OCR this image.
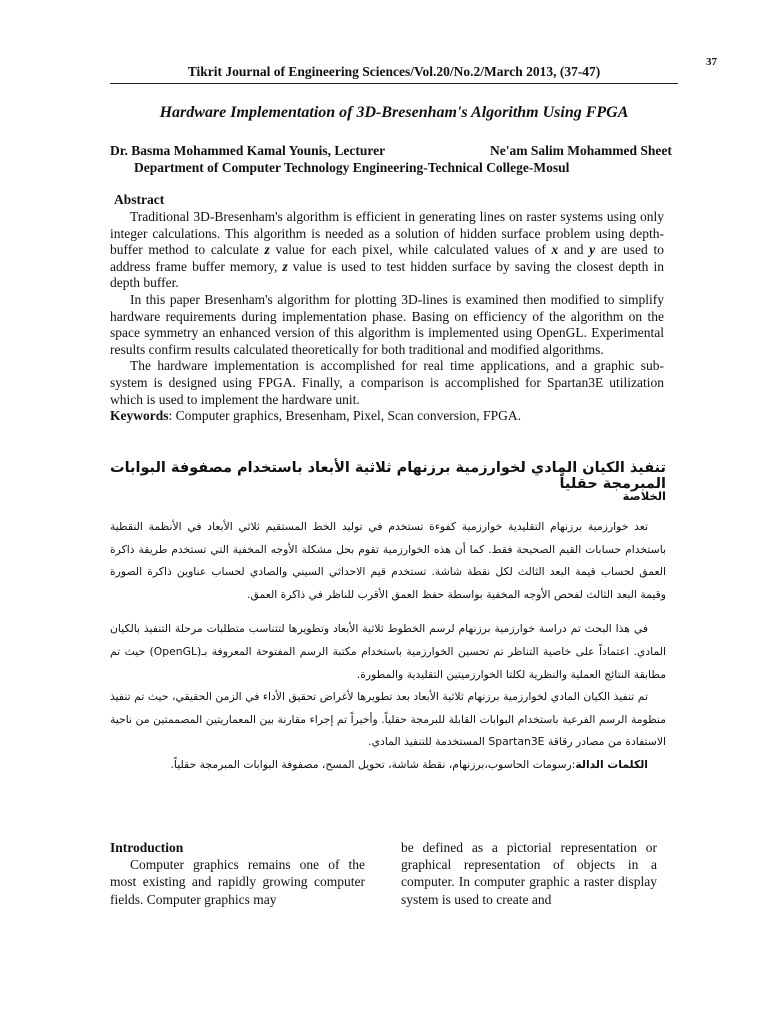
37
Tikrit Journal of Engineering Sciences/Vol.20/No.2/March 2013, (37-47)
Hardware Implementation of 3D-Bresenham's Algorithm Using FPGA
Dr. Basma Mohammed Kamal Younis, Lecturer	Ne'am Salim Mohammed Sheet
Department of Computer Technology Engineering-Technical College-Mosul
Abstract

Traditional 3D-Bresenham's algorithm is efficient in generating lines on raster systems using only integer calculations. This algorithm is needed as a solution of hidden surface problem using depth-buffer method to calculate z value for each pixel, while calculated values of x and y are used to address frame buffer memory, z value is used to test hidden surface by saving the closest depth in depth buffer.

In this paper Bresenham's algorithm for plotting 3D-lines is examined then modified to simplify hardware requirements during implementation phase. Basing on efficiency of the algorithm on the space symmetry an enhanced version of this algorithm is implemented using OpenGL. Experimental results confirm results calculated theoretically for both traditional and modified algorithms.

The hardware implementation is accomplished for real time applications, and a graphic sub-system is designed using FPGA. Finally, a comparison is accomplished for Spartan3E utilization which is used to implement the hardware unit.

Keywords: Computer graphics, Bresenham, Pixel, Scan conversion, FPGA.

تنفيذ الكيان المادي لخوارزمية برزنهام ثلاثية الأبعاد باستخدام مصفوفة البوابات المبرمجة حقلياً
الخلاصة

تعد خوارزمية برزنهام التقليدية خوارزمية كفوءة تستخدم في توليد الخط المستقيم ثلاثي الأبعاد في الأنظمة النقطية باستخدام حسابات القيم الصحيحة فقط. كما أن هذه الخوارزمية تقوم بحل مشكلة الأوجه المخفية التي تستخدم طريقة ذاكرة العمق لحساب قيمة البعد الثالث لكل نقطة شاشة. تستخدم قيم الاحداثي السيني والصادي لحساب عناوين ذاكرة الصورة وقيمة البعد الثالث لفحص الأوجه المخفية بواسطة حفظ العمق الأقرب للناظر في ذاكرة العمق.

في هذا البحث تم دراسة خوارزمية برزنهام لرسم الخطوط ثلاثية الأبعاد وتطويرها لتتناسب متطلبات مرحلة التنفيذ بالكيان المادي. اعتماداً على خاصية التناظر تم تحسين الخوارزمية باستخدام مكتبة الرسم المفتوحة المعروفة بـ(OpenGL) حيث تم مطابقة النتائج العملية والنظرية لكلتا الخوارزميتين التقليدية والمطورة.

تم تنفيذ الكيان المادي لخوارزمية برزنهام ثلاثية الأبعاد بعد تطويرها لأغراض تحقيق الأداء في الزمن الحقيقي، حيث تم تنفيذ منظومة الرسم الفرعية باستخدام البوابات القابلة للبرمجة حقلياً. وأخيراً تم إجراء مقارنة بين المعماريتين المصممتين من ناحية الاستفادة من مصادر رقاقة Spartan3E المستخدمة للتنفيذ المادي.

الكلمات الدالة:رسومات الحاسوب،برزنهام، نقطة شاشة، تحويل المسح، مصفوفة البوابات المبرمجة حقلياً.

Introduction

Computer graphics remains one of the most existing and rapidly growing computer fields. Computer graphics may

be defined as a pictorial representation or graphical representation of objects in a computer. In computer graphic a raster display system is used to create and
